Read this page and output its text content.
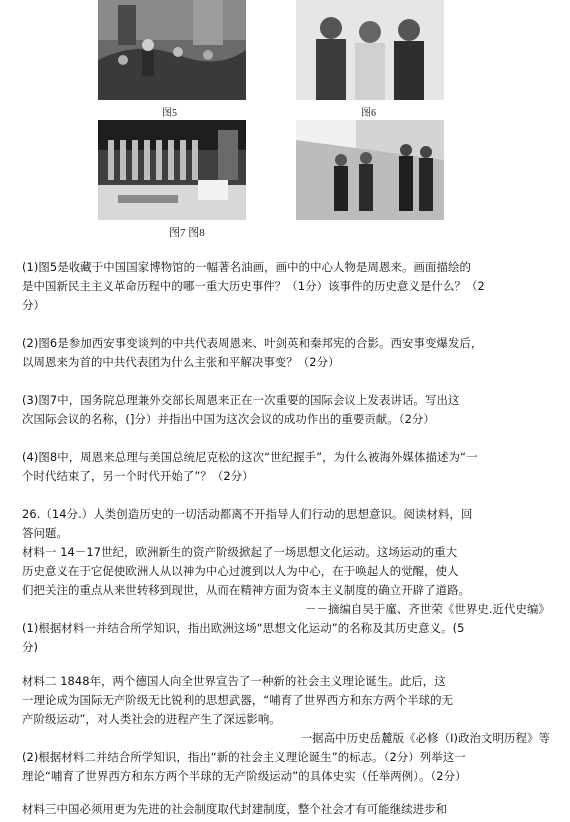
图5	图6
图7 图8
(1)图5是收藏于中国国家博物馆的一幅著名油画，画中的中心人物是周恩来。画面描绘的
是中国新民主主义革命历程中的哪一重大历史事件？（1分）该事件的历史意义是什么？（2
分）
(2)图6是参加西安事变谈判的中共代表周恩来、叶剑英和秦邦宪的合影。西安事变爆发后，
以周恩来为首的中共代表团为什么主张和平解决事变？（2分）
(3)图7中，国务院总理兼外交部长周恩来正在一次重要的国际会议上发表讲话。写出这
次国际会议的名称，(]分）并指出中国为这次会议的成功作出的重要贡献。（2分）
(4)图8中，周恩来总理与美国总统尼克松的这次“世纪握手”，为什么被海外媒体描述为“一
个时代结束了，另一个时代开始了”？（2分）
26.（14分.）人类创造历史的一切活动都离不开指导人们行动的思想意识。阅读材料，回
答问题。
材料一 14－17世纪，欧洲新生的资产阶级掀起了一场思想文化运动。这场运动的重大
历史意义在于它促使欧洲人从以神为中心过渡到以人为中心，在于唤起人的觉醒，使人
们把关注的重点从来世转移到现世，从而在精神方面为资本主义制度的确立开辟了道路。
－－摘编自吴于廑、齐世荣《世界史.近代史编》
(1)根据材料一并结合所学知识，指出欧洲这场“思想文化运动”的名称及其历史意义。(5
分)
材料二 1848年，两个德国人向全世界宣告了一种新的社会主义理论诞生。此后，这
一理论成为国际无产阶级无比锐利的思想武器，“哺育了世界西方和东方两个半球的无
产阶级运动”，对人类社会的进程产生了深远影响。
一据高中历史岳麓版《必修（I)政治文明历程》等
(2)根据材料二并结合所学知识，指出“新的社会主义理论诞生”的标志。（2分）列举这一
理论“哺育了世界西方和东方两个半球的无产阶级运动”的具体史实（任举两例）。（2分）
材料三中国必须用更为先进的社会制度取代封建制度，整个社会才有可能继续进步和
